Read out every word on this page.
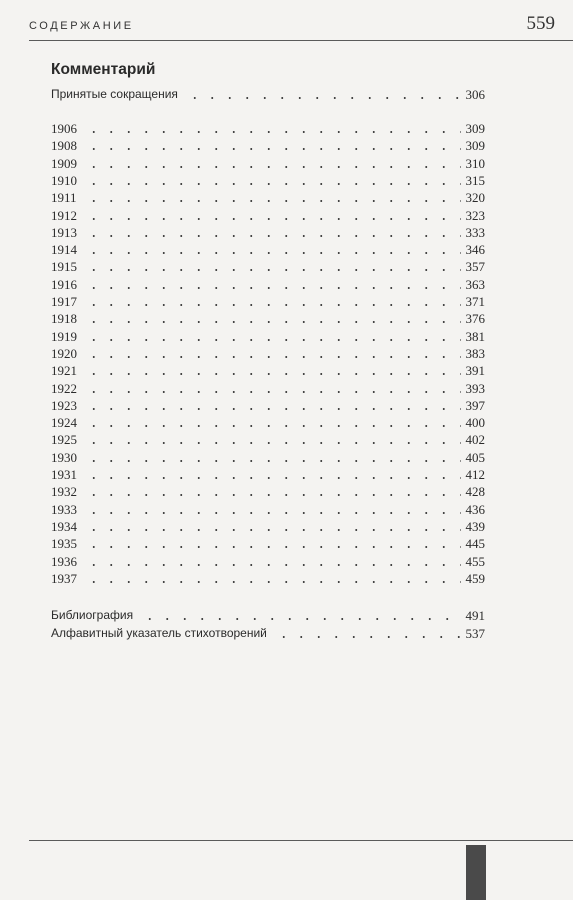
СОДЕРЖАНИЕ	559
Комментарий
Принятые сокращения	306
1906	309
1908	309
1909	310
1910	315
1911	320
1912	323
1913	333
1914	346
1915	357
1916	363
1917	371
1918	376
1919	381
1920	383
1921	391
1922	393
1923	397
1924	400
1925	402
1930	405
1931	412
1932	428
1933	436
1934	439
1935	445
1936	455
1937	459
Библиография	491
Алфавитный указатель стихотворений	537
